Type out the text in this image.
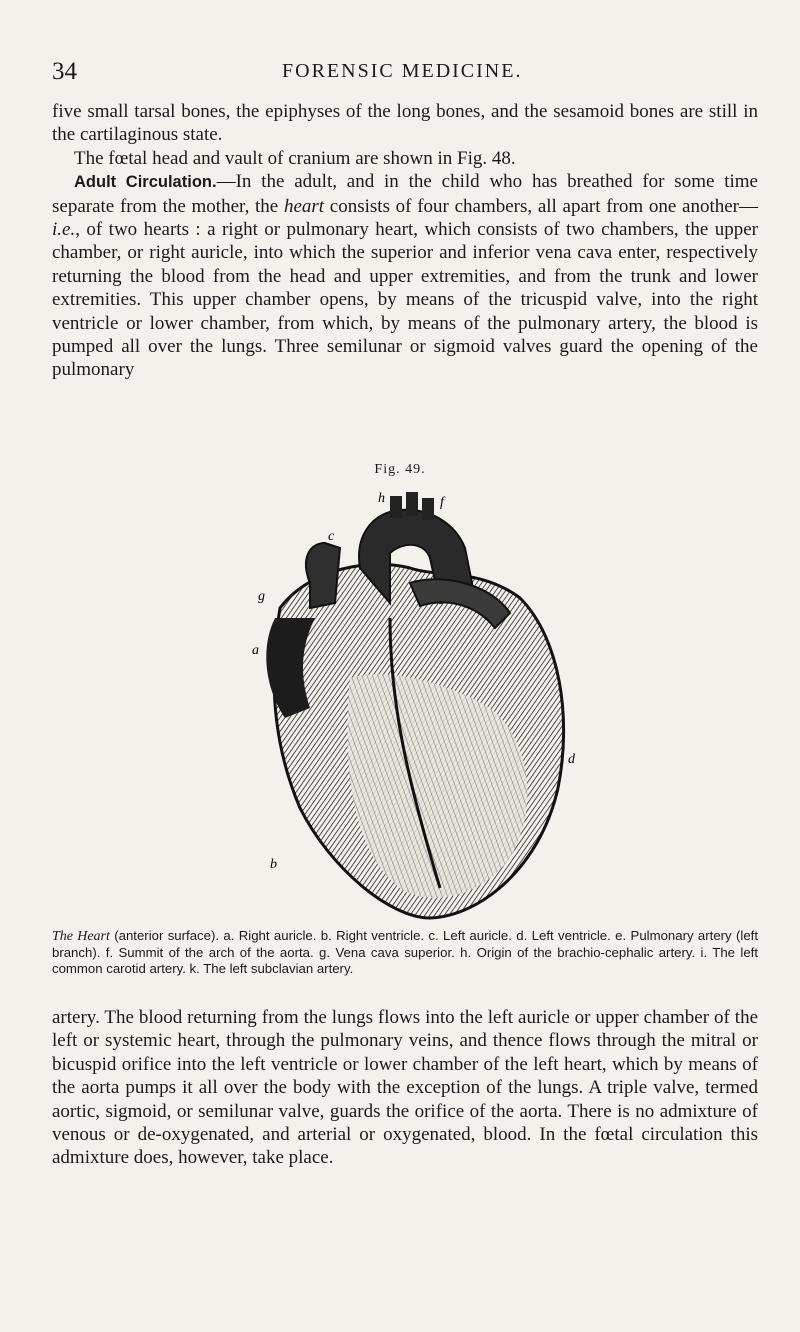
34	FORENSIC MEDICINE.

five small tarsal bones, the epiphyses of the long bones, and the sesamoid bones are still in the cartilaginous state.

The fœtal head and vault of cranium are shown in Fig. 48.

Adult Circulation.—In the adult, and in the child who has breathed for some time separate from the mother, the heart consists of four chambers, all apart from one another—i.e., of two hearts : a right or pulmonary heart, which consists of two chambers, the upper chamber, or right auricle, into which the superior and inferior vena cava enter, respectively returning the blood from the head and upper extremities, and from the trunk and lower extremities. This upper chamber opens, by means of the tricuspid valve, into the right ventricle or lower chamber, from which, by means of the pulmonary artery, the blood is pumped all over the lungs. Three semilunar or sigmoid valves guard the opening of the pulmonary

Fig. 49.
h	f
c
g
a
b
d
The Heart (anterior surface). a. Right auricle. b. Right ventricle. c. Left auricle. d. Left ventricle. e. Pulmonary artery (left branch). f. Summit of the arch of the aorta. g. Vena cava superior. h. Origin of the brachio-cephalic artery. i. The left common carotid artery. k. The left subclavian artery.

artery. The blood returning from the lungs flows into the left auricle or upper chamber of the left or systemic heart, through the pulmonary veins, and thence flows through the mitral or bicuspid orifice into the left ventricle or lower chamber of the left heart, which by means of the aorta pumps it all over the body with the exception of the lungs. A triple valve, termed aortic, sigmoid, or semilunar valve, guards the orifice of the aorta. There is no admixture of venous or de-oxygenated, and arterial or oxygenated, blood. In the fœtal circulation this admixture does, however, take place.
